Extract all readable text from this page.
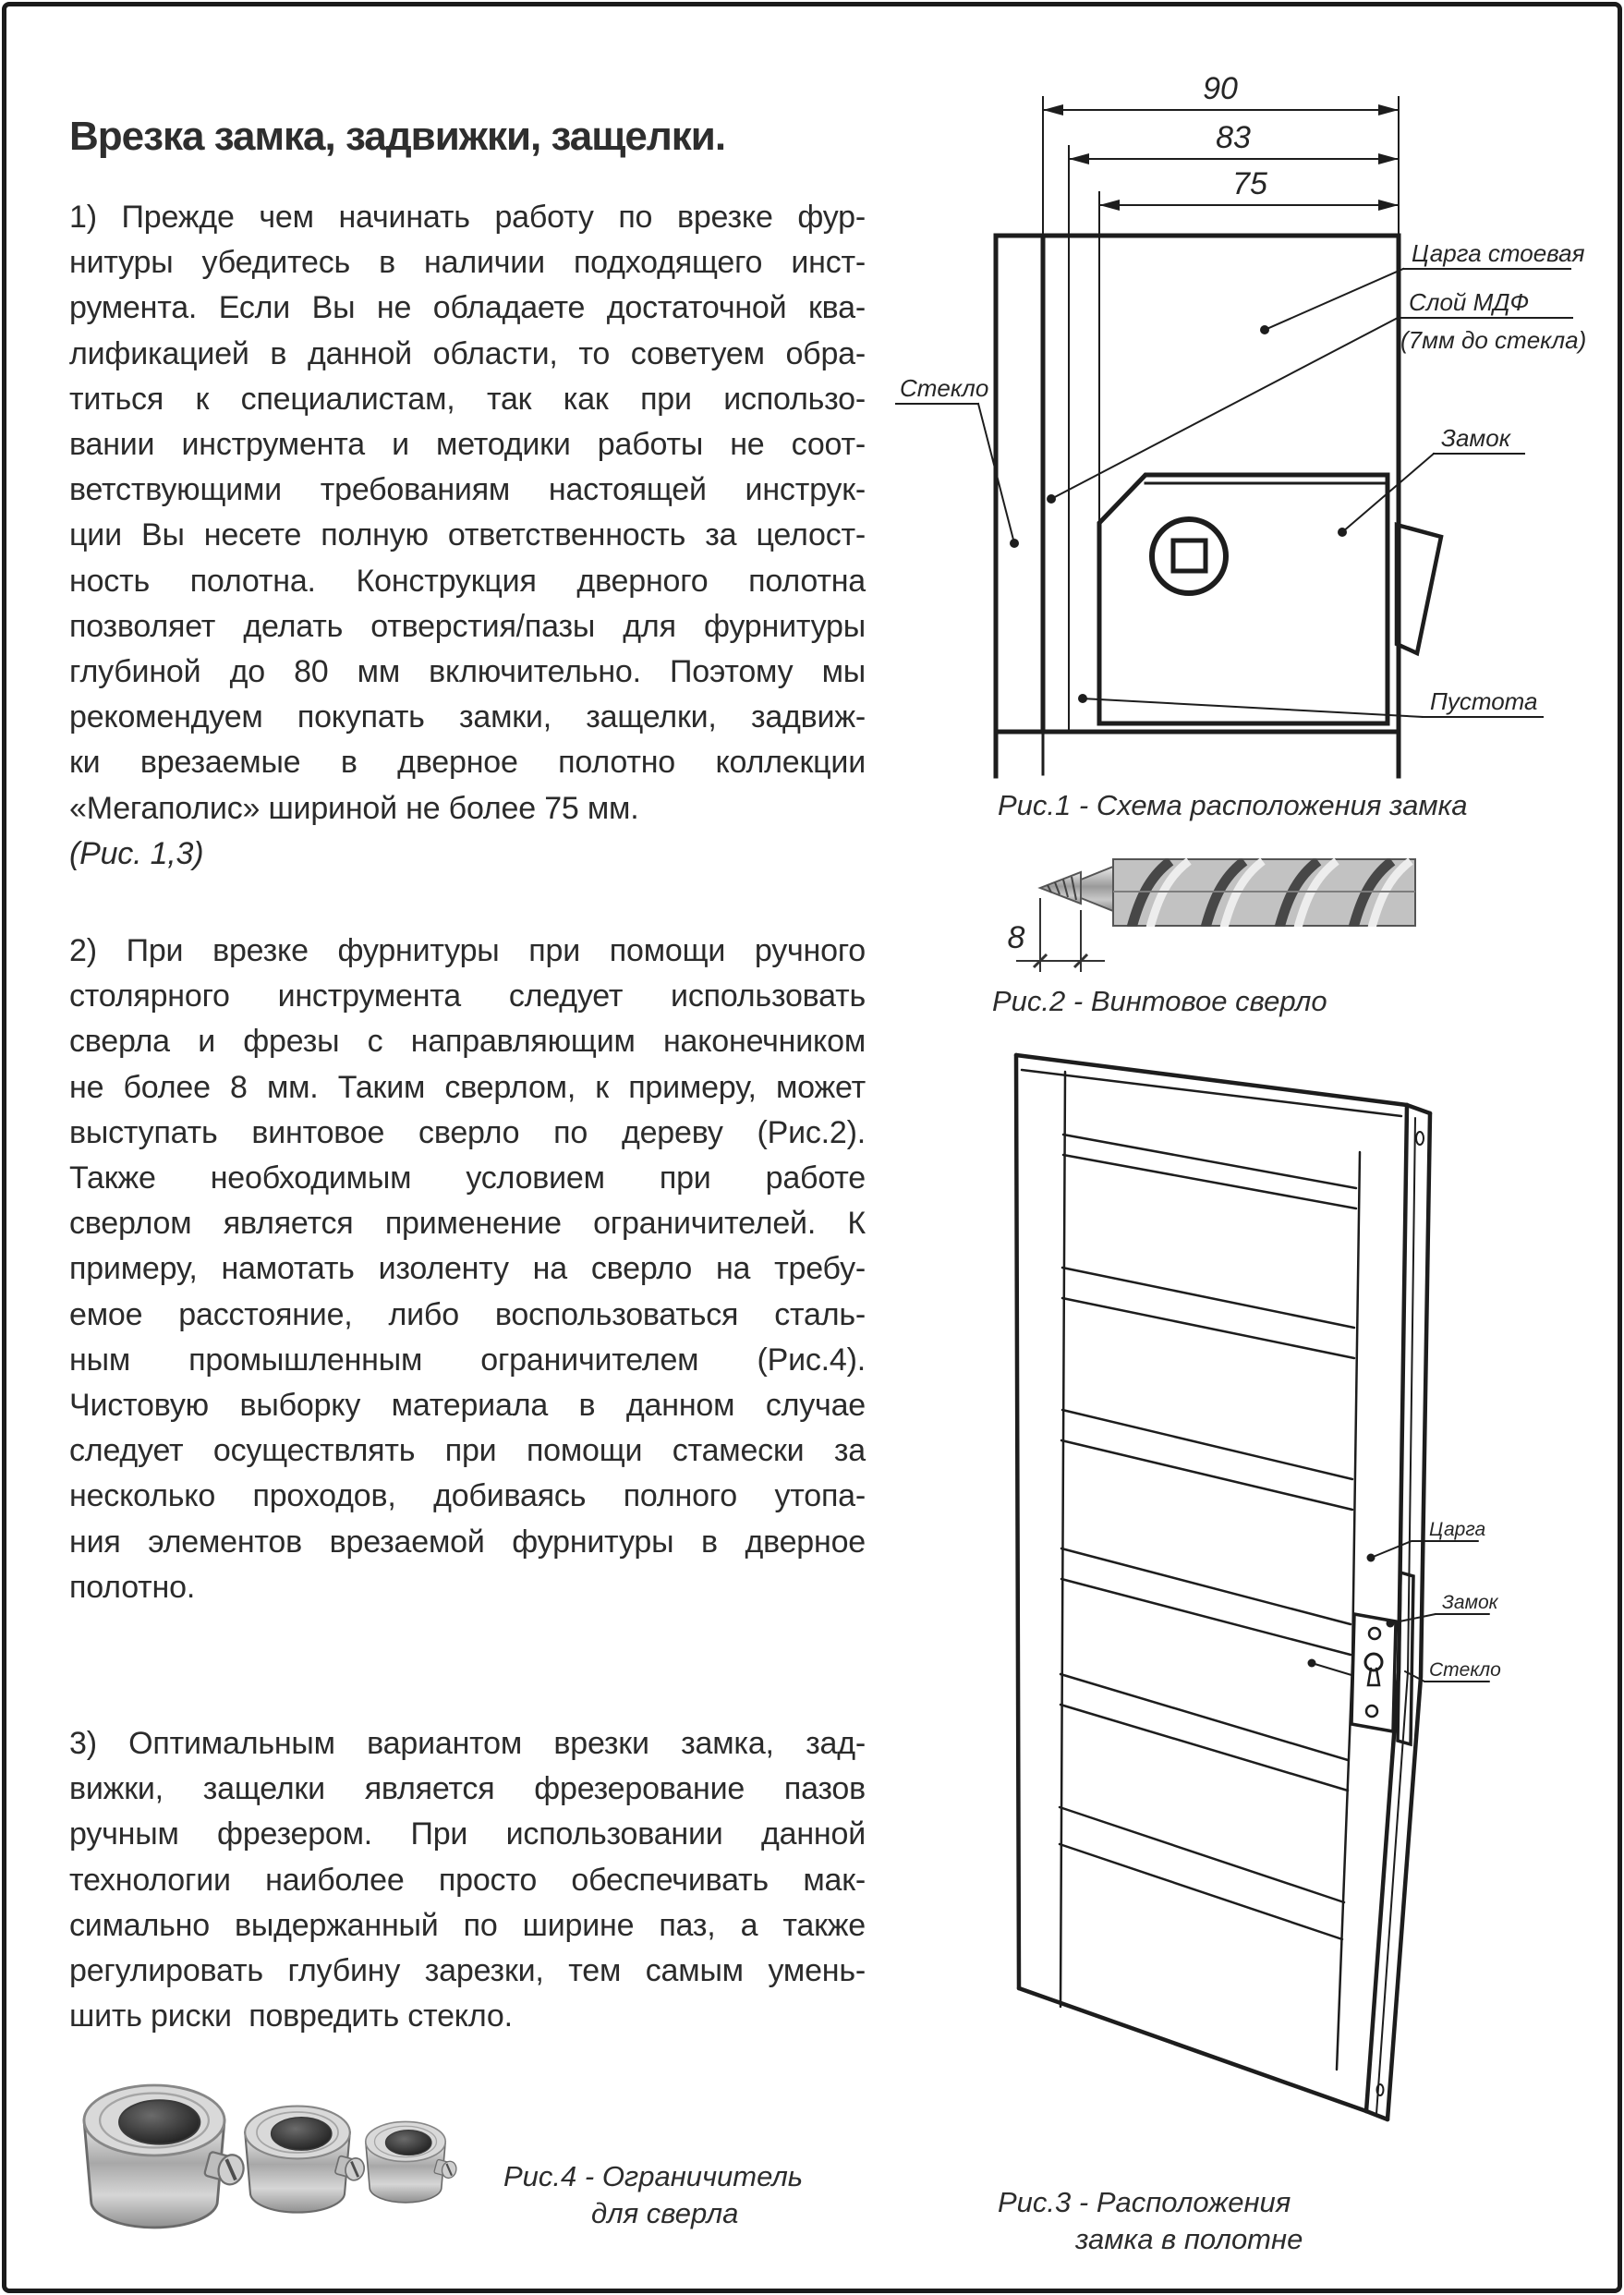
Врезка замка, задвижки, защелки.
1) Прежде чем начинать работу по врезке фур-
нитуры убедитесь в наличии подходящего инст-
румента. Если Вы не обладаете достаточной ква-
лификацией в данной области, то советуем обра-
титься к специалистам, так как при использо-
вании инструмента и методики работы не соот-
ветствующими требованиям настоящей инструк-
ции Вы несете полную ответственность за целост-
ность полотна. Конструкция дверного полотна
позволяет делать отверстия/пазы для фурнитуры
глубиной до 80 мм включительно. Поэтому мы
рекомендуем покупать замки, защелки, задвиж-
ки врезаемые в дверное полотно коллекции
«Мегаполис» шириной не более 75 мм.
(Рис. 1,3)
2) При врезке фурнитуры при помощи ручного
столярного инструмента следует использовать
сверла и фрезы с направляющим наконечником
не более 8 мм. Таким сверлом, к примеру, может
выступать винтовое сверло по дереву (Рис.2).
Также необходимым условием при работе
сверлом является применение ограничителей. К
примеру, намотать изоленту на сверло на требу-
емое расстояние, либо воспользоваться сталь-
ным промышленным ограничителем (Рис.4).
Чистовую выборку материала в данном случае
следует осуществлять при помощи стамески за
несколько проходов, добиваясь полного утопа-
ния элементов врезаемой фурнитуры в дверное
полотно.
3) Оптимальным вариантом врезки замка, зад-
вижки, защелки является фрезерование пазов
ручным фрезером. При использовании данной
технологии наиболее просто обеспечивать мак-
симально выдержанный по ширине паз, а также
регулировать глубину зарезки, тем самым умень-
шить риски  повредить стекло.
90
83
75
Царга стоевая
Слой МДФ
(7мм до стекла)
Стекло
Замок
Пустота
Рис.1 - Схема расположения замка
8
Рис.2 - Винтовое сверло
Царга
Замок
Стекло
Рис.3 - Расположения
замка в полотне
Рис.4 - Ограничитель
для сверла
